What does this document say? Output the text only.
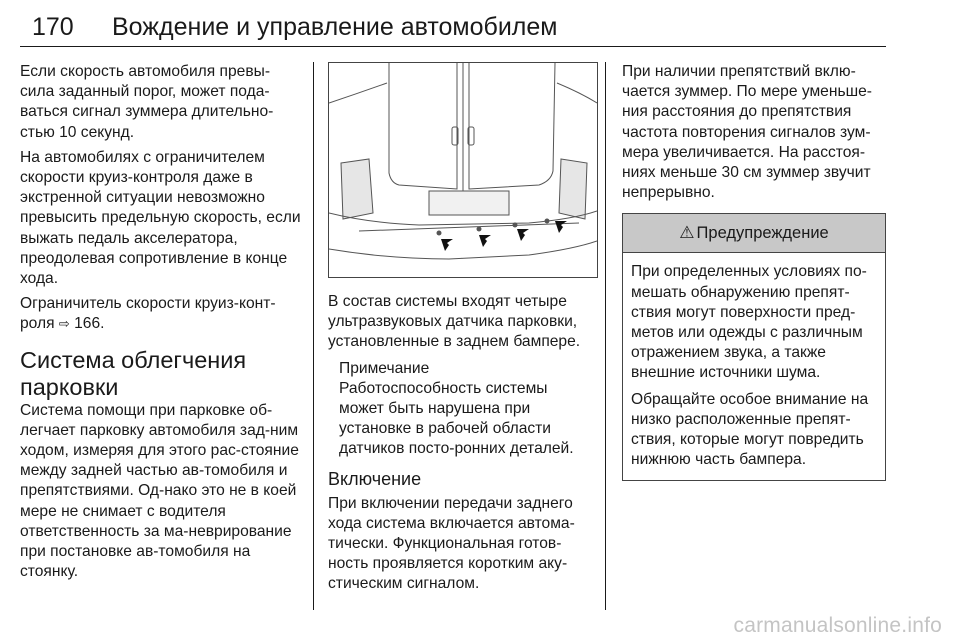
170 Вождение и управление автомобилем

Если скорость автомобиля превы-сила заданный порог, может пода-ваться сигнал зуммера длительно-стью 10 секунд.

На автомобилях с ограничителем скорости круиз-контроля даже в экстренной ситуации невозможно превысить предельную скорость, если выжать педаль акселератора, преодолевая сопротивление в конце хода.

Ограничитель скорости круиз-конт-роля ⇨ 166.

Система облегчения парковки

Система помощи при парковке об-легчает парковку автомобиля зад-ним ходом, измеряя для этого рас-стояние между задней частью ав-томобиля и препятствиями. Од-нако это не в коей мере не снимает с водителя ответственность за ма-неврирование при постановке ав-томобиля на стоянку.

В состав системы входят четыре ультразвуковых датчика парковки, установленные в заднем бампере.

Примечание

Работоспособность системы может быть нарушена при установке в рабочей области датчиков посто-ронних деталей.

Включение

При включении передачи заднего хода система включается автома-тически. Функциональная готов-ность проявляется коротким аку-стическим сигналом.

При наличии препятствий вклю-чается зуммер. По мере уменьше-ния расстояния до препятствия частота повторения сигналов зум-мера увеличивается. На расстоя-ниях меньше 30 см зуммер звучит непрерывно.

⚠ Предупреждение

При определенных условиях по-мешать обнаружению препят-ствия могут поверхности пред-метов или одежды с различным отражением звука, а также внешние источники шума.

Обращайте особое внимание на низко расположенные препят-ствия, которые могут повредить нижнюю часть бампера.

carmanualsonline.info
